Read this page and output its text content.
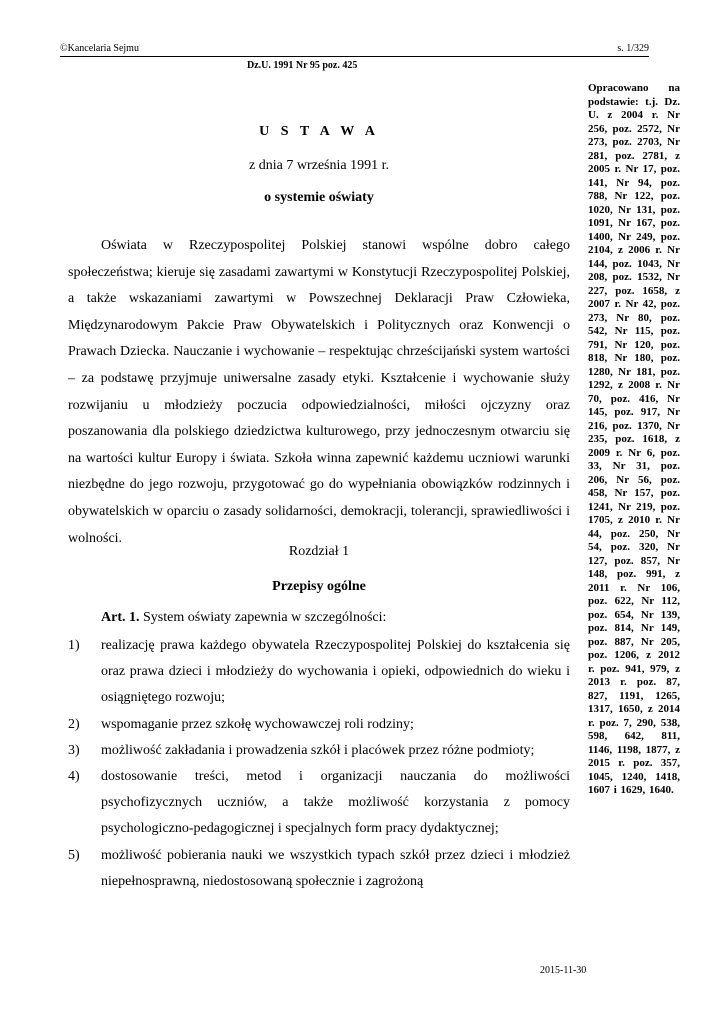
©Kancelaria Sejmu	s. 1/329
Dz.U. 1991 Nr 95 poz. 425
Opracowano na podstawie: t.j. Dz. U. z 2004 r. Nr 256, poz. 2572, Nr 273, poz. 2703, Nr 281, poz. 2781, z 2005 r. Nr 17, poz. 141, Nr 94, poz. 788, Nr 122, poz. 1020, Nr 131, poz. 1091, Nr 167, poz. 1400, Nr 249, poz. 2104, z 2006 r. Nr 144, poz. 1043, Nr 208, poz. 1532, Nr 227, poz. 1658, z 2007 r. Nr 42, poz. 273, Nr 80, poz. 542, Nr 115, poz. 791, Nr 120, poz. 818, Nr 180, poz. 1280, Nr 181, poz. 1292, z 2008 r. Nr 70, poz. 416, Nr 145, poz. 917, Nr 216, poz. 1370, Nr 235, poz. 1618, z 2009 r. Nr 6, poz. 33, Nr 31, poz. 206, Nr 56, poz. 458, Nr 157, poz. 1241, Nr 219, poz. 1705, z 2010 r. Nr 44, poz. 250, Nr 54, poz. 320, Nr 127, poz. 857, Nr 148, poz. 991, z 2011 r. Nr 106, poz. 622, Nr 112, poz. 654, Nr 139, poz. 814, Nr 149, poz. 887, Nr 205, poz. 1206, z 2012 r. poz. 941, 979, z 2013 r. poz. 87, 827, 1191, 1265, 1317, 1650, z 2014 r. poz. 7, 290, 538, 598, 642, 811, 1146, 1198, 1877, z 2015 r. poz. 357, 1045, 1240, 1418, 1607 i 1629, 1640.
U S T A W A
z dnia 7 września 1991 r.
o systemie oświaty
Oświata w Rzeczypospolitej Polskiej stanowi wspólne dobro całego społeczeństwa; kieruje się zasadami zawartymi w Konstytucji Rzeczypospolitej Polskiej, a także wskazaniami zawartymi w Powszechnej Deklaracji Praw Człowieka, Międzynarodowym Pakcie Praw Obywatelskich i Politycznych oraz Konwencji o Prawach Dziecka. Nauczanie i wychowanie – respektując chrześcijański system wartości – za podstawę przyjmuje uniwersalne zasady etyki. Kształcenie i wychowanie służy rozwijaniu u młodzieży poczucia odpowiedzialności, miłości ojczyzny oraz poszanowania dla polskiego dziedzictwa kulturowego, przy jednoczesnym otwarciu się na wartości kultur Europy i świata. Szkoła winna zapewnić każdemu uczniowi warunki niezbędne do jego rozwoju, przygotować go do wypełniania obowiązków rodzinnych i obywatelskich w oparciu o zasady solidarności, demokracji, tolerancji, sprawiedliwości i wolności.
Rozdział 1
Przepisy ogólne
Art. 1. System oświaty zapewnia w szczególności:
1) realizację prawa każdego obywatela Rzeczypospolitej Polskiej do kształcenia się oraz prawa dzieci i młodzieży do wychowania i opieki, odpowiednich do wieku i osiągniętego rozwoju;
2) wspomaganie przez szkołę wychowawczej roli rodziny;
3) możliwość zakładania i prowadzenia szkół i placówek przez różne podmioty;
4) dostosowanie treści, metod i organizacji nauczania do możliwości psychofizycznych uczniów, a także możliwość korzystania z pomocy psychologiczno-pedagogicznej i specjalnych form pracy dydaktycznej;
5) możliwość pobierania nauki we wszystkich typach szkół przez dzieci i młodzież niepełnosprawną, niedostosowaną społecznie i zagrożoną
2015-11-30
